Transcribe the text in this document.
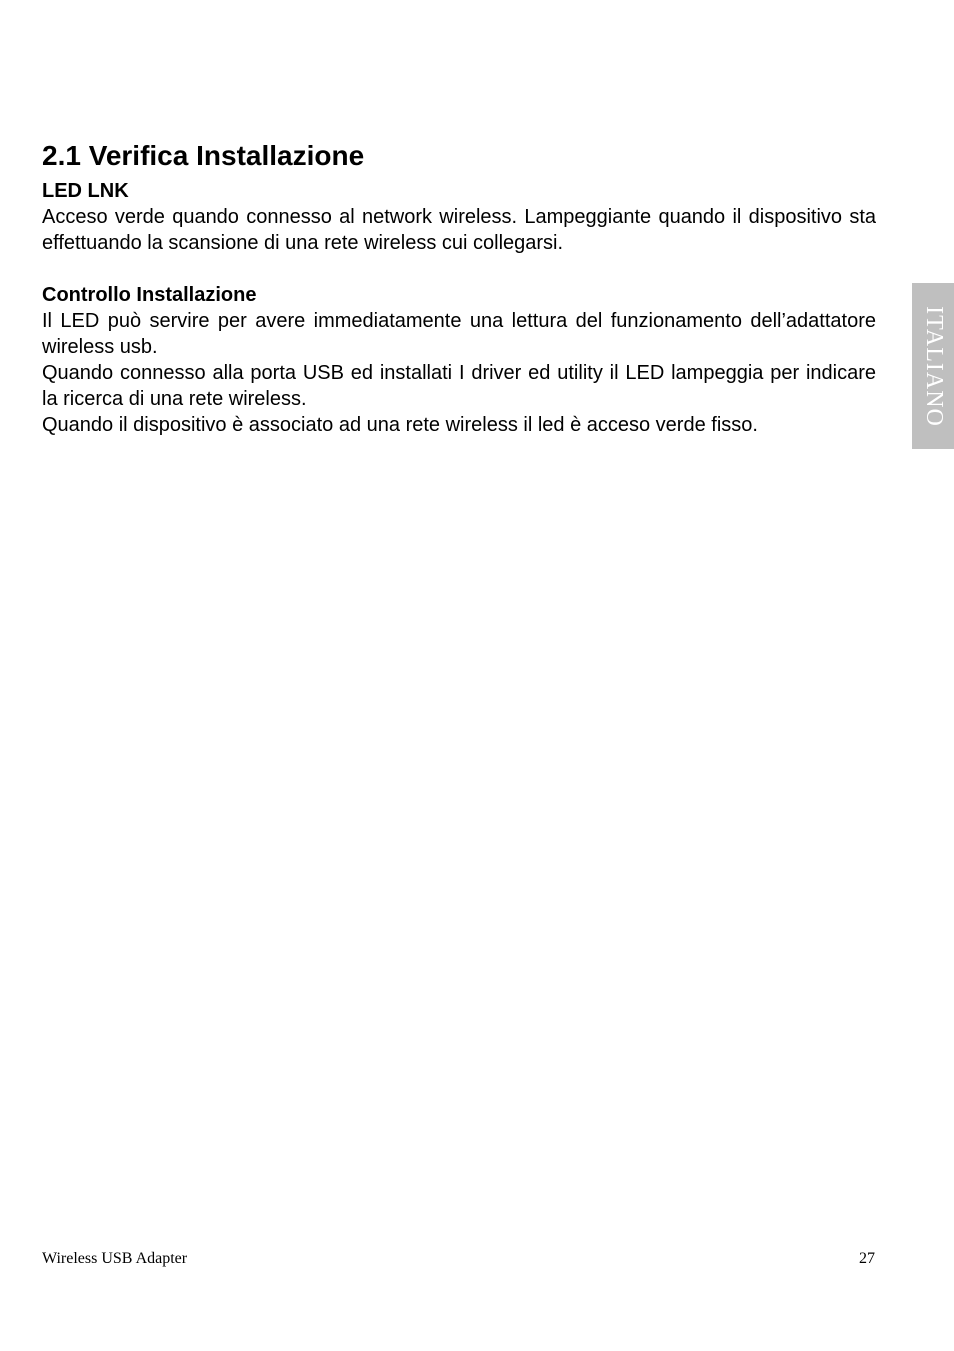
2.1 Verifica Installazione

LED LNK

Acceso verde quando connesso al network wireless. Lampeggiante quando il dispositivo sta effettuando la scansione di una rete wireless cui collegarsi.

Controllo Installazione

Il LED può servire per avere immediatamente una lettura del funzionamento dell’adattatore wireless usb.

Quando connesso alla porta USB ed installati I driver ed utility il LED lampeggia per indicare la ricerca di una rete wireless.

Quando il dispositivo è associato ad una rete wireless il led è acceso verde fisso.	ITALIANO
Wireless USB Adapter	27
